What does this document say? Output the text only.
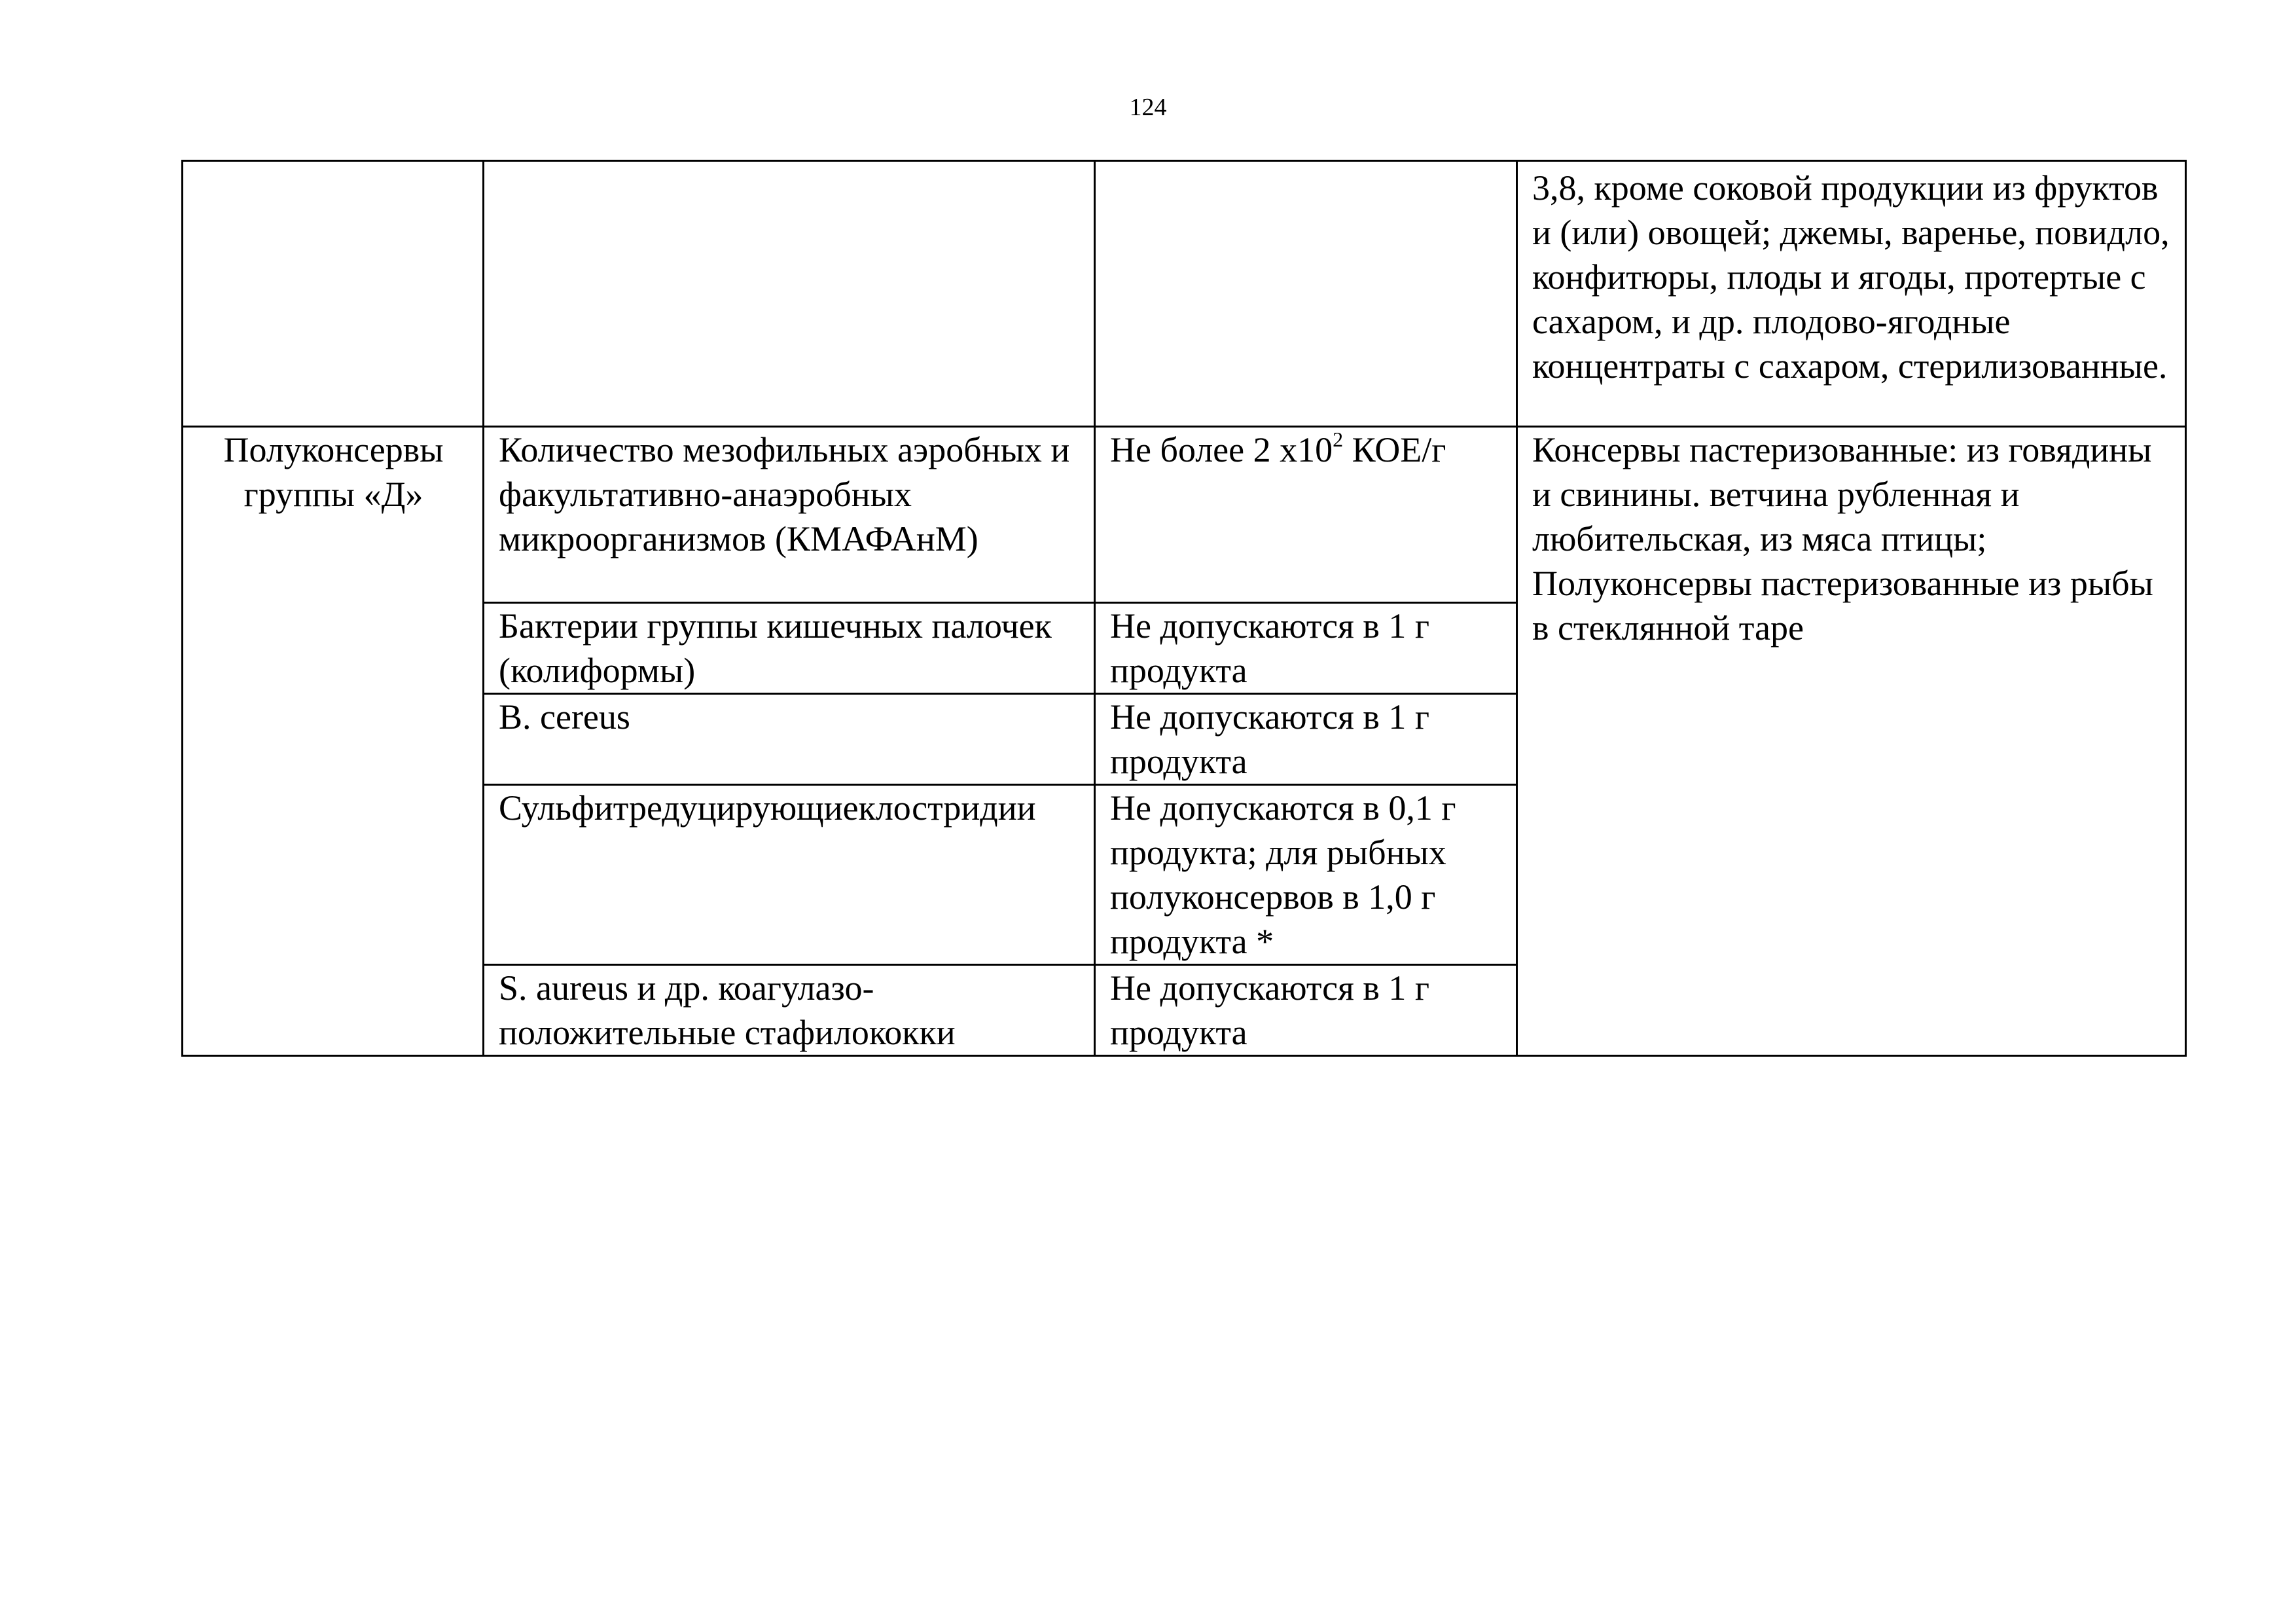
124

			3,8, кроме соковой продукции из фруктов и (или) овощей; джемы, варенье, повидло, конфитюры, плоды и ягоды, протертые с сахаром, и др. плодово-ягодные концентраты с сахаром, стерилизованные.

Полуконсервы группы «Д»	Количество мезофильных аэробных и факультативно-анаэробных микроорганизмов (КМАФАнМ)	Не более 2 $х10^2$ КОЕ/г	Консервы пастеризованные: из говядины и свинины. ветчина рубленная и любительская, из мяса птицы;
Полуконсервы пастеризованные из рыбы в стеклянной таре

	Бактерии группы кишечных палочек (колиформы)	Не допускаются в 1 г продукта	
	B. cereus	Не допускаются в 1 г продукта	
	Сульфитредуцирующиеклостридии	Не допускаются в 0,1 г продукта; для рыбных полуконсервов в 1,0 г продукта *	
	S. aureus и др. коагулазо-положительные стафилококки	Не допускаются в 1 г продукта	
